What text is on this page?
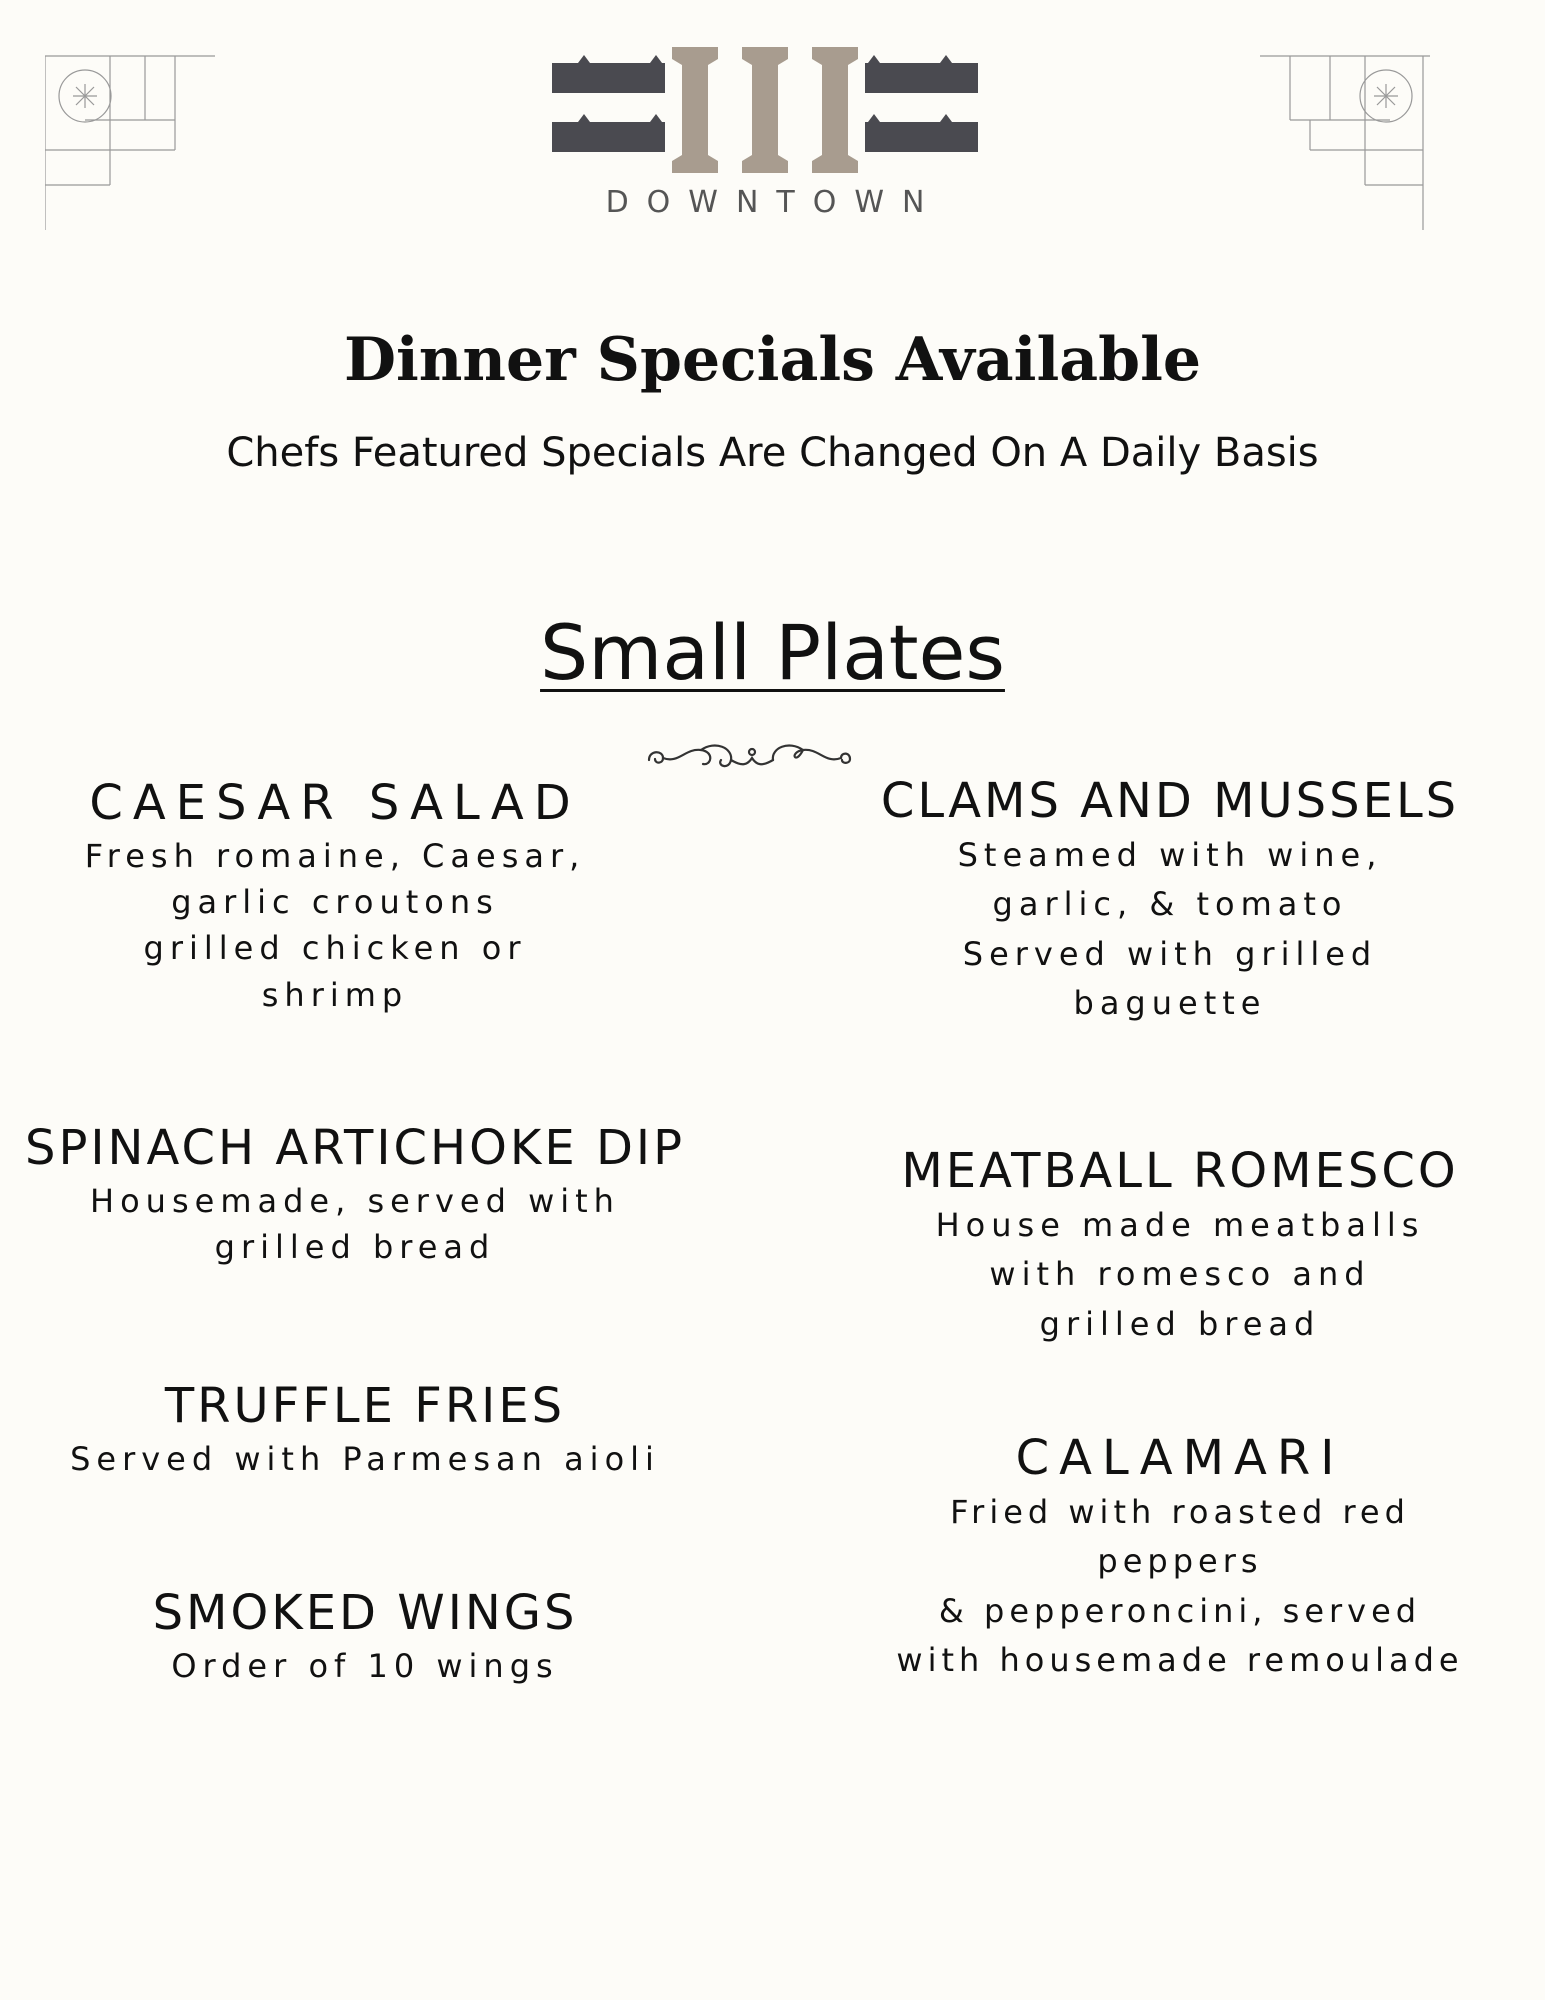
DOWNTOWN
Dinner Specials Available
Chefs Featured Specials Are Changed On A Daily Basis
Small Plates
CAESAR SALAD
Fresh romaine, Caesar,
garlic croutons
grilled chicken or
shrimp
SPINACH ARTICHOKE DIP
Housemade, served with
grilled bread
TRUFFLE FRIES
Served with Parmesan aioli
SMOKED WINGS
Order of 10 wings
CLAMS AND MUSSELS
Steamed with wine,
garlic, & tomato
Served with grilled
baguette
MEATBALL ROMESCO
House made meatballs
with romesco and
grilled bread
CALAMARI
Fried with roasted red
peppers
& pepperoncini, served
with housemade remoulade
